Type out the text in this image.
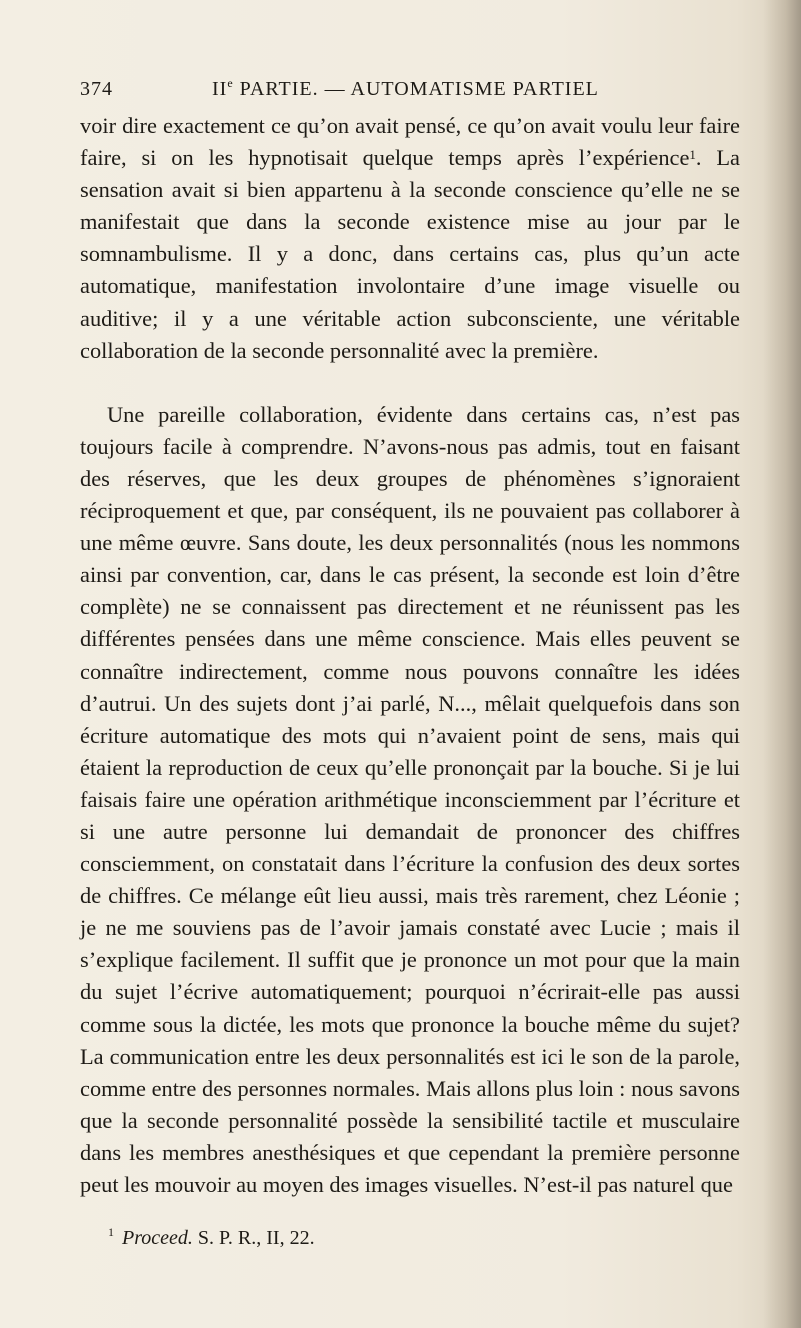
374	IIe PARTIE. — AUTOMATISME PARTIEL

voir dire exactement ce qu’on avait pensé, ce qu’on avait voulu leur faire faire, si on les hypnotisait quelque temps après l’expérience$^1$. La sensation avait si bien appartenu à la seconde conscience qu’elle ne se manifestait que dans la seconde existence mise au jour par le somnambulisme. Il y a donc, dans certains cas, plus qu’un acte automatique, manifestation involontaire d’une image visuelle ou auditive; il y a une véritable action subconsciente, une véritable collaboration de la seconde personnalité avec la première.

Une pareille collaboration, évidente dans certains cas, n’est pas toujours facile à comprendre. N’avons-nous pas admis, tout en faisant des réserves, que les deux groupes de phénomènes s’ignoraient réciproquement et que, par conséquent, ils ne pouvaient pas collaborer à une même œuvre. Sans doute, les deux personnalités (nous les nommons ainsi par convention, car, dans le cas présent, la seconde est loin d’être complète) ne se connaissent pas directement et ne réunissent pas les différentes pensées dans une même conscience. Mais elles peuvent se connaître indirectement, comme nous pouvons connaître les idées d’autrui. Un des sujets dont j’ai parlé, N..., mêlait quelquefois dans son écriture automatique des mots qui n’avaient point de sens, mais qui étaient la reproduction de ceux qu’elle prononçait par la bouche. Si je lui faisais faire une opération arithmétique inconsciemment par l’écriture et si une autre personne lui demandait de prononcer des chiffres consciemment, on constatait dans l’écriture la confusion des deux sortes de chiffres. Ce mélange eût lieu aussi, mais très rarement, chez Léonie ; je ne me souviens pas de l’avoir jamais constaté avec Lucie ; mais il s’explique facilement. Il suffit que je prononce un mot pour que la main du sujet l’écrive automatiquement; pourquoi n’écrirait-elle pas aussi comme sous la dictée, les mots que prononce la bouche même du sujet? La communication entre les deux personnalités est ici le son de la parole, comme entre des personnes normales. Mais allons plus loin : nous savons que la seconde personnalité possède la sensibilité tactile et musculaire dans les membres anesthésiques et que cependant la première personne peut les mouvoir au moyen des images visuelles. N’est-il pas naturel que

$^1$ Proceed. S. P. R., II, 22.
